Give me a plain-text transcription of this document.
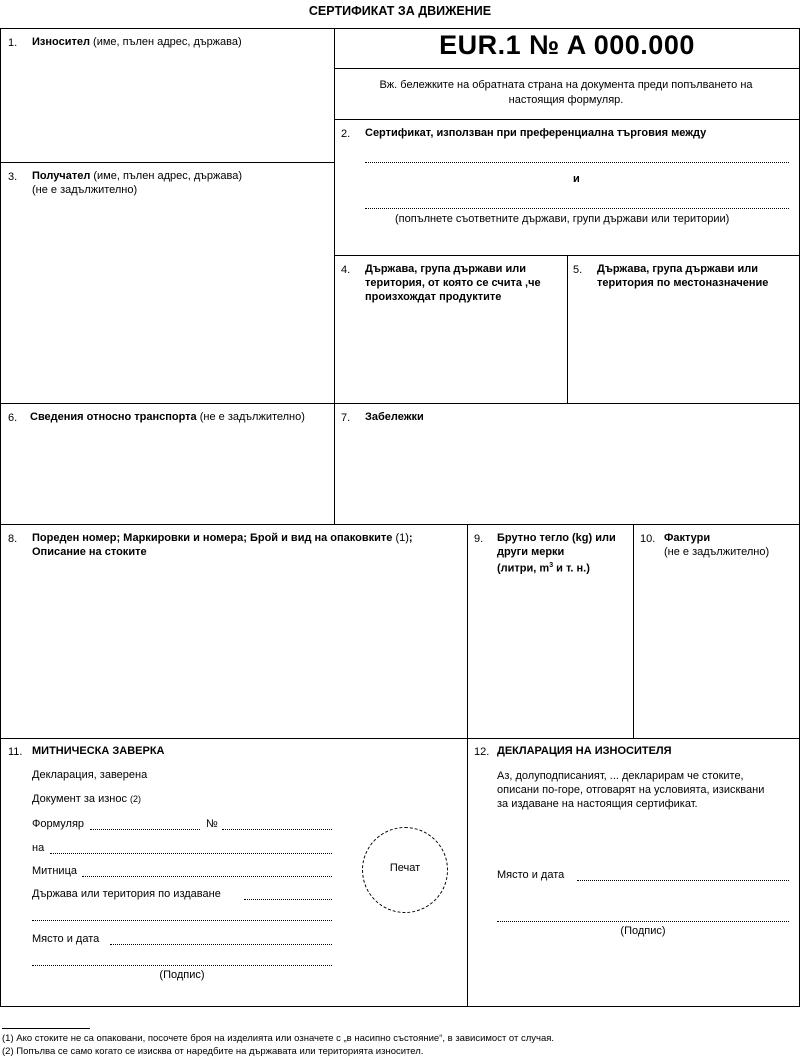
СЕРТИФИКАТ ЗА ДВИЖЕНИЕ
1. Износител (име, пълен адрес, държава)	EUR.1 № A 000.000
Вж. бележките на обратната страна на документа преди попълването на настоящия формуляр.
2. Сертификат, използван при преференциална търговия между
и
(попълнете съответните държави, групи държави или територии)
3. Получател (име, пълен адрес, държава)
(не е задължително)
4. Държава, група държави или територия, от която се счита ,че произхождат продуктите
5. Държава, група държави или територия по местоназначение
6. Сведения относно транспорта (не е задължително)	7. Забележки
8. Пореден номер; Маркировки и номера; Брой и вид на опаковките (1);
Описание на стоките
9. Брутно тегло (kg) или
други мерки
(литри, $m^3$ и т. н.)
10. Фактури
(не е задължително)
11. МИТНИЧЕСКА ЗАВЕРКА
Декларация, заверена
Документ за износ (2)
Формуляр	№
на
Митница
Държава или територия по издаване
Място и дата
(Подпис)
Печат
12. ДЕКЛАРАЦИЯ НА ИЗНОСИТЕЛЯ
Аз, долуподписаният, ... декларирам че стоките,
описани по-горе, отговарят на условията, изисквани
за издаване на настоящия сертификат.
Място и дата
(Подпис)
(1) Ако стоките не са опаковани, посочете броя на изделията или означете с „в насипно състояние“, в зависимост от случая.
(2) Попълва се само когато се изисква от наредбите на държавата или територията износител.
